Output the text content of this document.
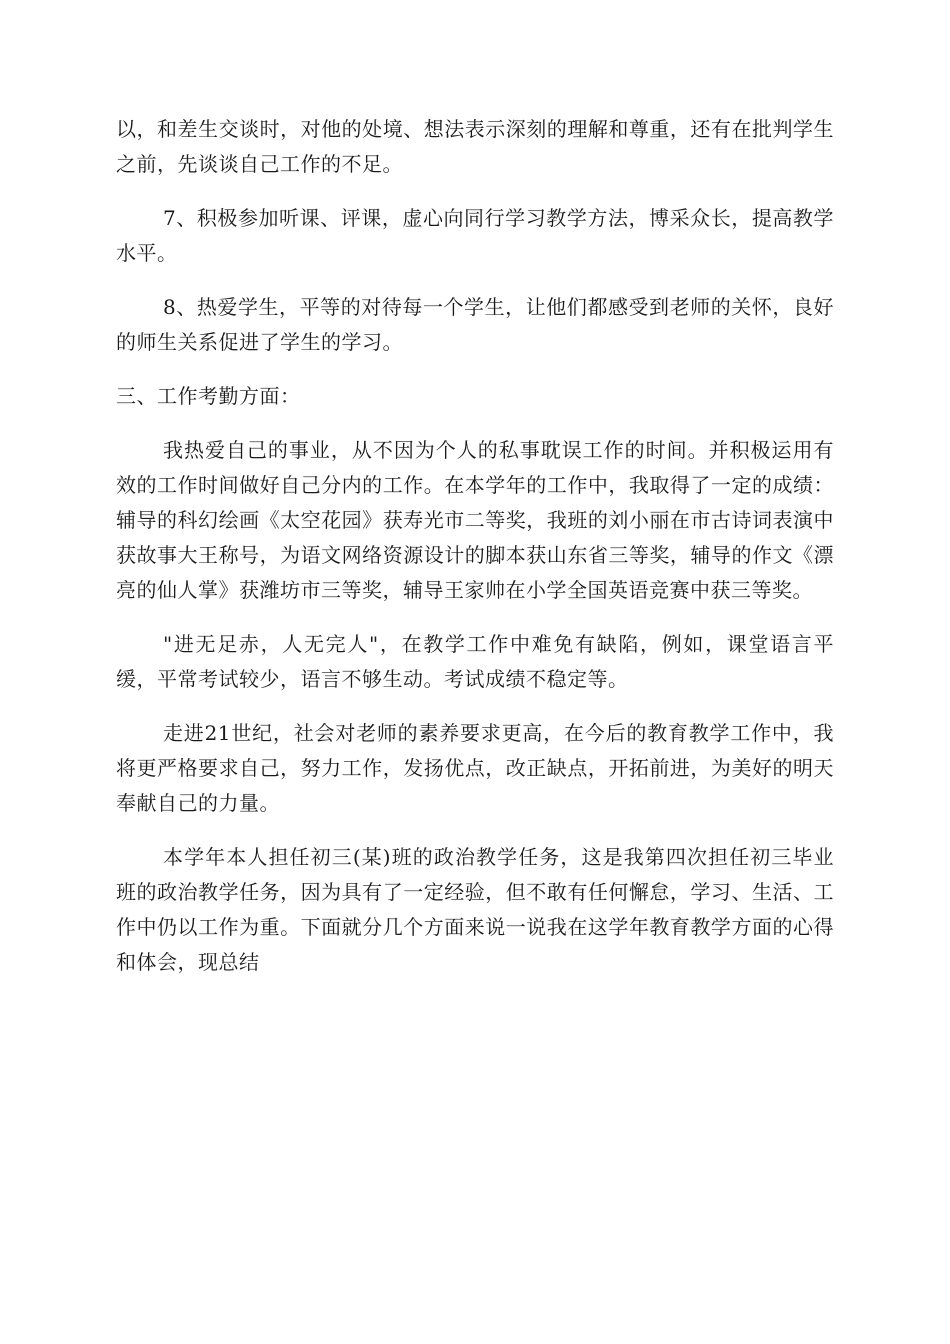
以，和差生交谈时，对他的处境、想法表示深刻的理解和尊重，还有在批判学生之前，先谈谈自己工作的不足。

7、积极参加听课、评课，虚心向同行学习教学方法，博采众长，提高教学水平。

8、热爱学生，平等的对待每一个学生，让他们都感受到老师的关怀，良好的师生关系促进了学生的学习。

三、工作考勤方面：

我热爱自己的事业，从不因为个人的私事耽误工作的时间。并积极运用有效的工作时间做好自己分内的工作。在本学年的工作中，我取得了一定的成绩：辅导的科幻绘画《太空花园》获寿光市二等奖，我班的刘小丽在市古诗词表演中获故事大王称号，为语文网络资源设计的脚本获山东省三等奖，辅导的作文《漂亮的仙人掌》获潍坊市三等奖，辅导王家帅在小学全国英语竞赛中获三等奖。

"进无足赤，人无完人"，在教学工作中难免有缺陷，例如，课堂语言平缓，平常考试较少，语言不够生动。考试成绩不稳定等。

走进21世纪，社会对老师的素养要求更高，在今后的教育教学工作中，我将更严格要求自己，努力工作，发扬优点，改正缺点，开拓前进，为美好的明天奉献自己的力量。

本学年本人担任初三(某)班的政治教学任务，这是我第四次担任初三毕业班的政治教学任务，因为具有了一定经验，但不敢有任何懈怠，学习、生活、工作中仍以工作为重。下面就分几个方面来说一说我在这学年教育教学方面的心得和体会，现总结
